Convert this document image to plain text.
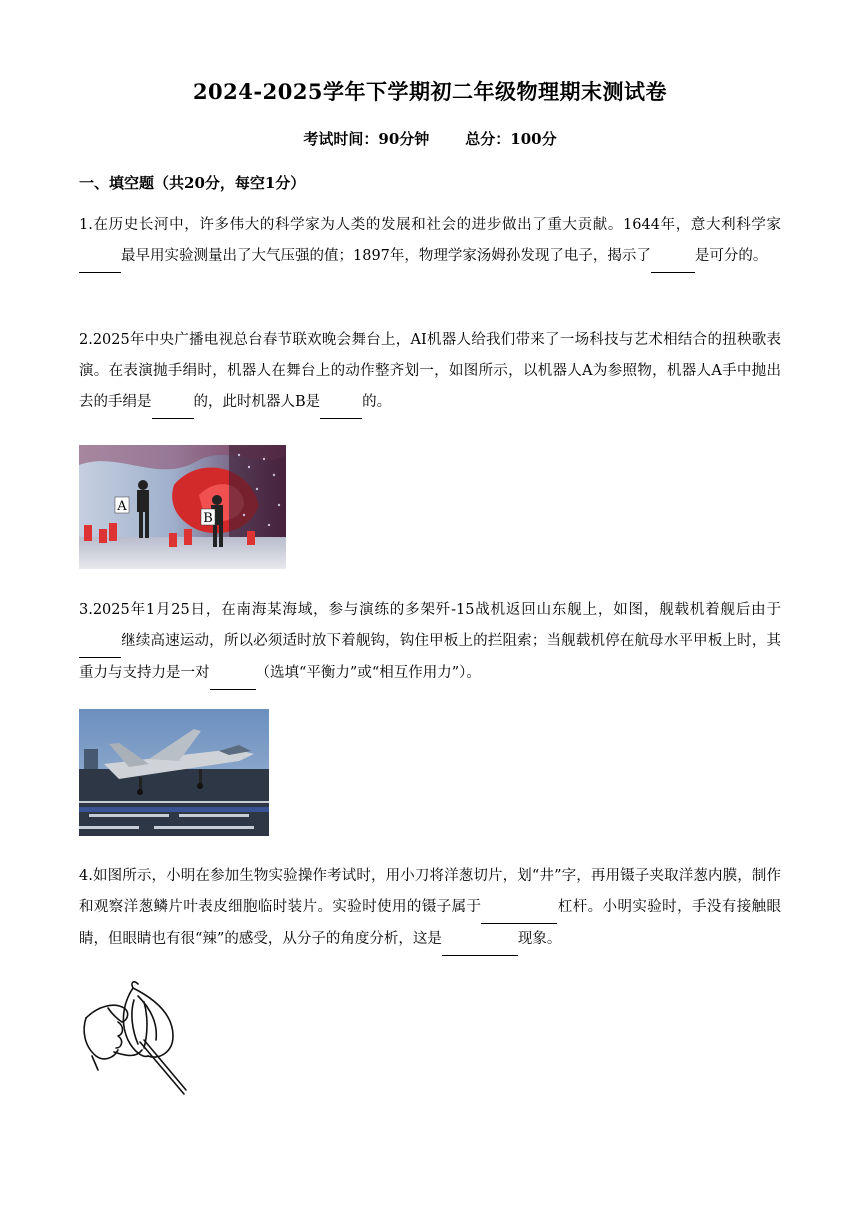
2024-2025学年下学期初二年级物理期末测试卷
考试时间：90分钟 总分：100分
一、填空题（共20分，每空1分）
1.在历史长河中，许多伟大的科学家为人类的发展和社会的进步做出了重大贡献。1644年，意大利科学家 最早用实验测量出了大气压强的值；1897年，物理学家汤姆孙发现了电子，揭示了	是可分的。
2.2025年中央广播电视总台春节联欢晚会舞台上，AI机器人给我们带来了一场科技与艺术相结合的扭秧歌表演。在表演抛手绢时，机器人在舞台上的动作整齐划一，如图所示，以机器人A为参照物，机器人A手中抛出去的手绢是	的，此时机器人B是	的。
A
B
3.2025年1月25日，在南海某海域，参与演练的多架歼-15战机返回山东舰上，如图，舰载机着舰后由于 继续高速运动，所以必须适时放下着舰钩，钩住甲板上的拦阻索；当舰载机停在航母水平甲板上时，其重力与支持力是一对	（选填“平衡力”或“相互作用力”）。
4.如图所示，小明在参加生物实验操作考试时，用小刀将洋葱切片，划“井”字，再用镊子夹取洋葱内膜，制作和观察洋葱鳞片叶表皮细胞临时装片。实验时使用的镊子属于	杠杆。小明实验时，手没有接触眼睛，但眼睛也有很“辣”的感受，从分子的角度分析，这是	现象。
